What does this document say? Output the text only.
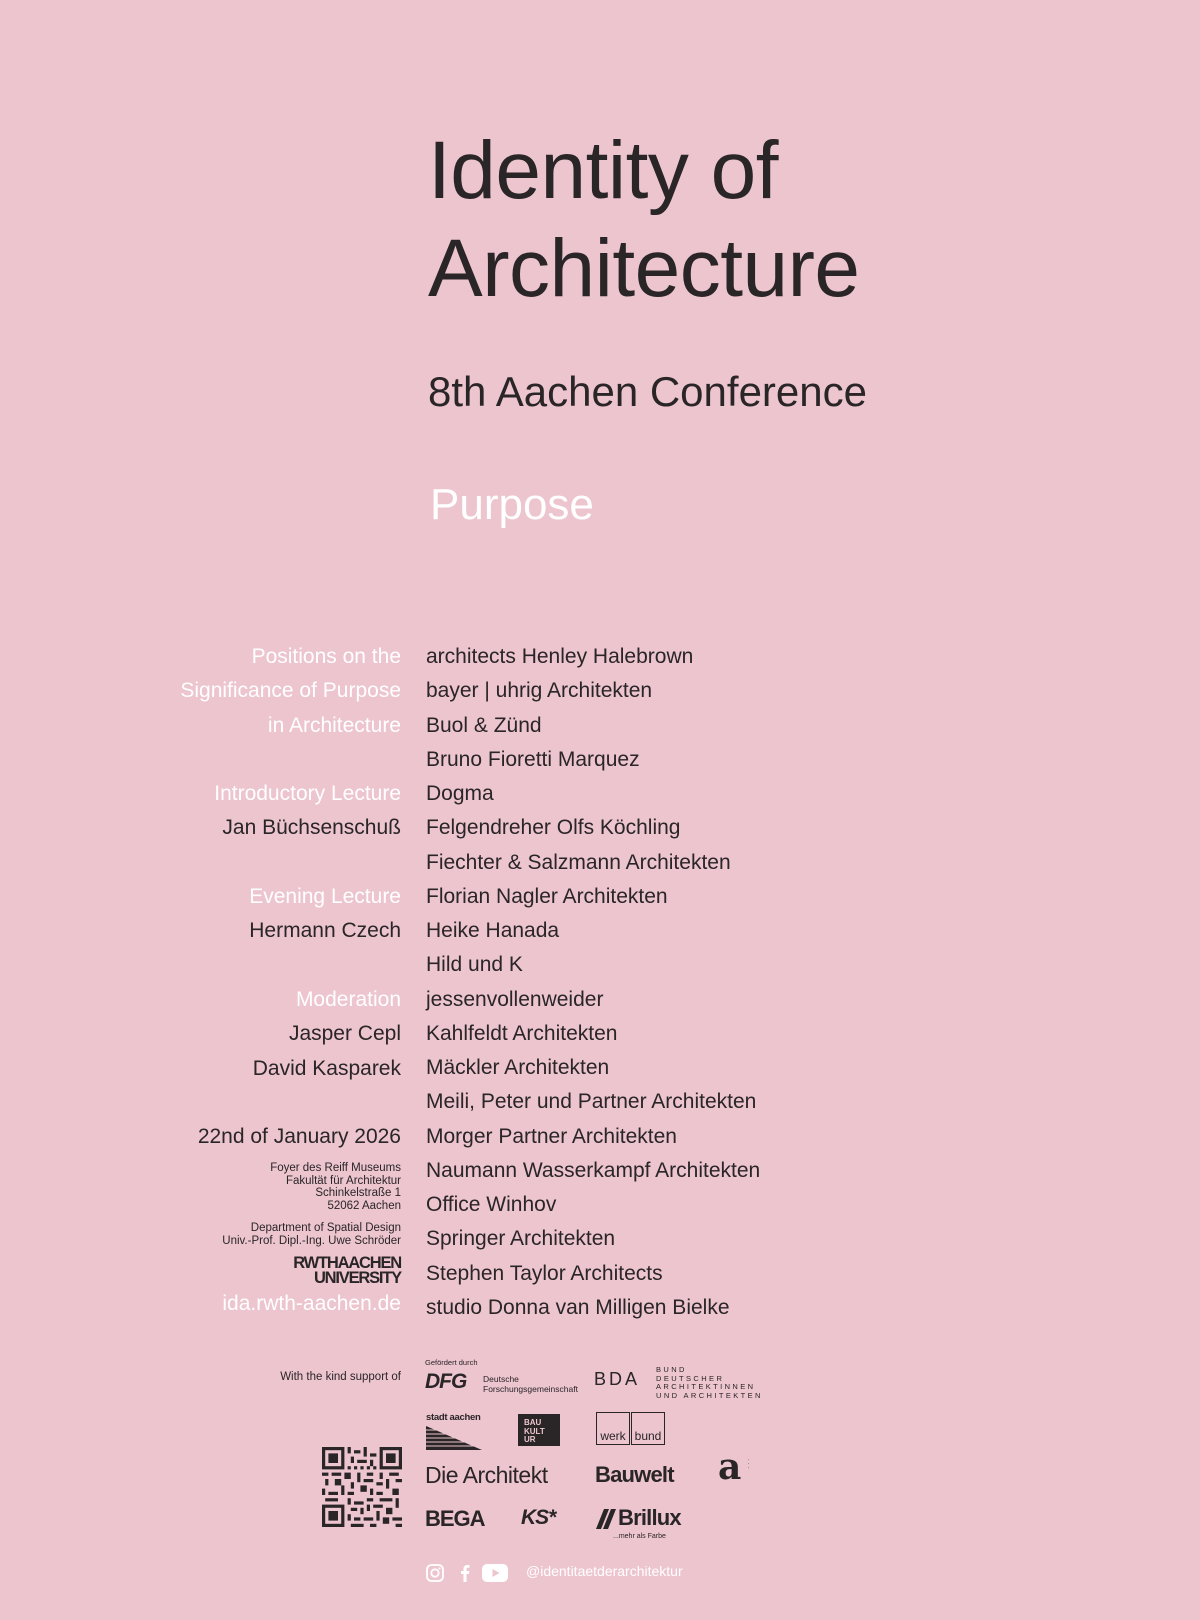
Identity of
Architecture
8th Aachen Conference
Purpose
Positions on the
Significance of Purpose
in Architecture
Introductory Lecture
Jan Büchsenschuß
Evening Lecture
Hermann Czech
Moderation
Jasper Cepl
David Kasparek
22nd of January 2026
Foyer des Reiff Museums
Fakultät für Architektur
Schinkelstraße 1
52062 Aachen
Department of Spatial Design
Univ.-Prof. Dipl.-Ing. Uwe Schröder
RWTHAACHEN
UNIVERSITY
ida.rwth-aachen.de
architects Henley Halebrown
bayer | uhrig Architekten
Buol & Zünd
Bruno Fioretti Marquez
Dogma
Felgendreher Olfs Köchling
Fiechter & Salzmann Architekten
Florian Nagler Architekten
Heike Hanada
Hild und K
jessenvollenweider
Kahlfeldt Architekten
Mäckler Architekten
Meili, Peter und Partner Architekten
Morger Partner Architekten
Naumann Wasserkampf Architekten
Office Winhov
Springer Architekten
Stephen Taylor Architects
studio Donna van Milligen Bielke
With the kind support of
Gefördert durch
DFG Deutsche
Forschungsgemeinschaft BDA BUND
DEUTSCHER
ARCHITEKTINNEN
UND ARCHITEKTEN
stadt aachen	BAU
KULT
UR	werk bund
Die Architekt Bauwelt a ·
·
·
BEGA KS*	Brillux
...mehr als Farbe
@identitaetderarchitektur
